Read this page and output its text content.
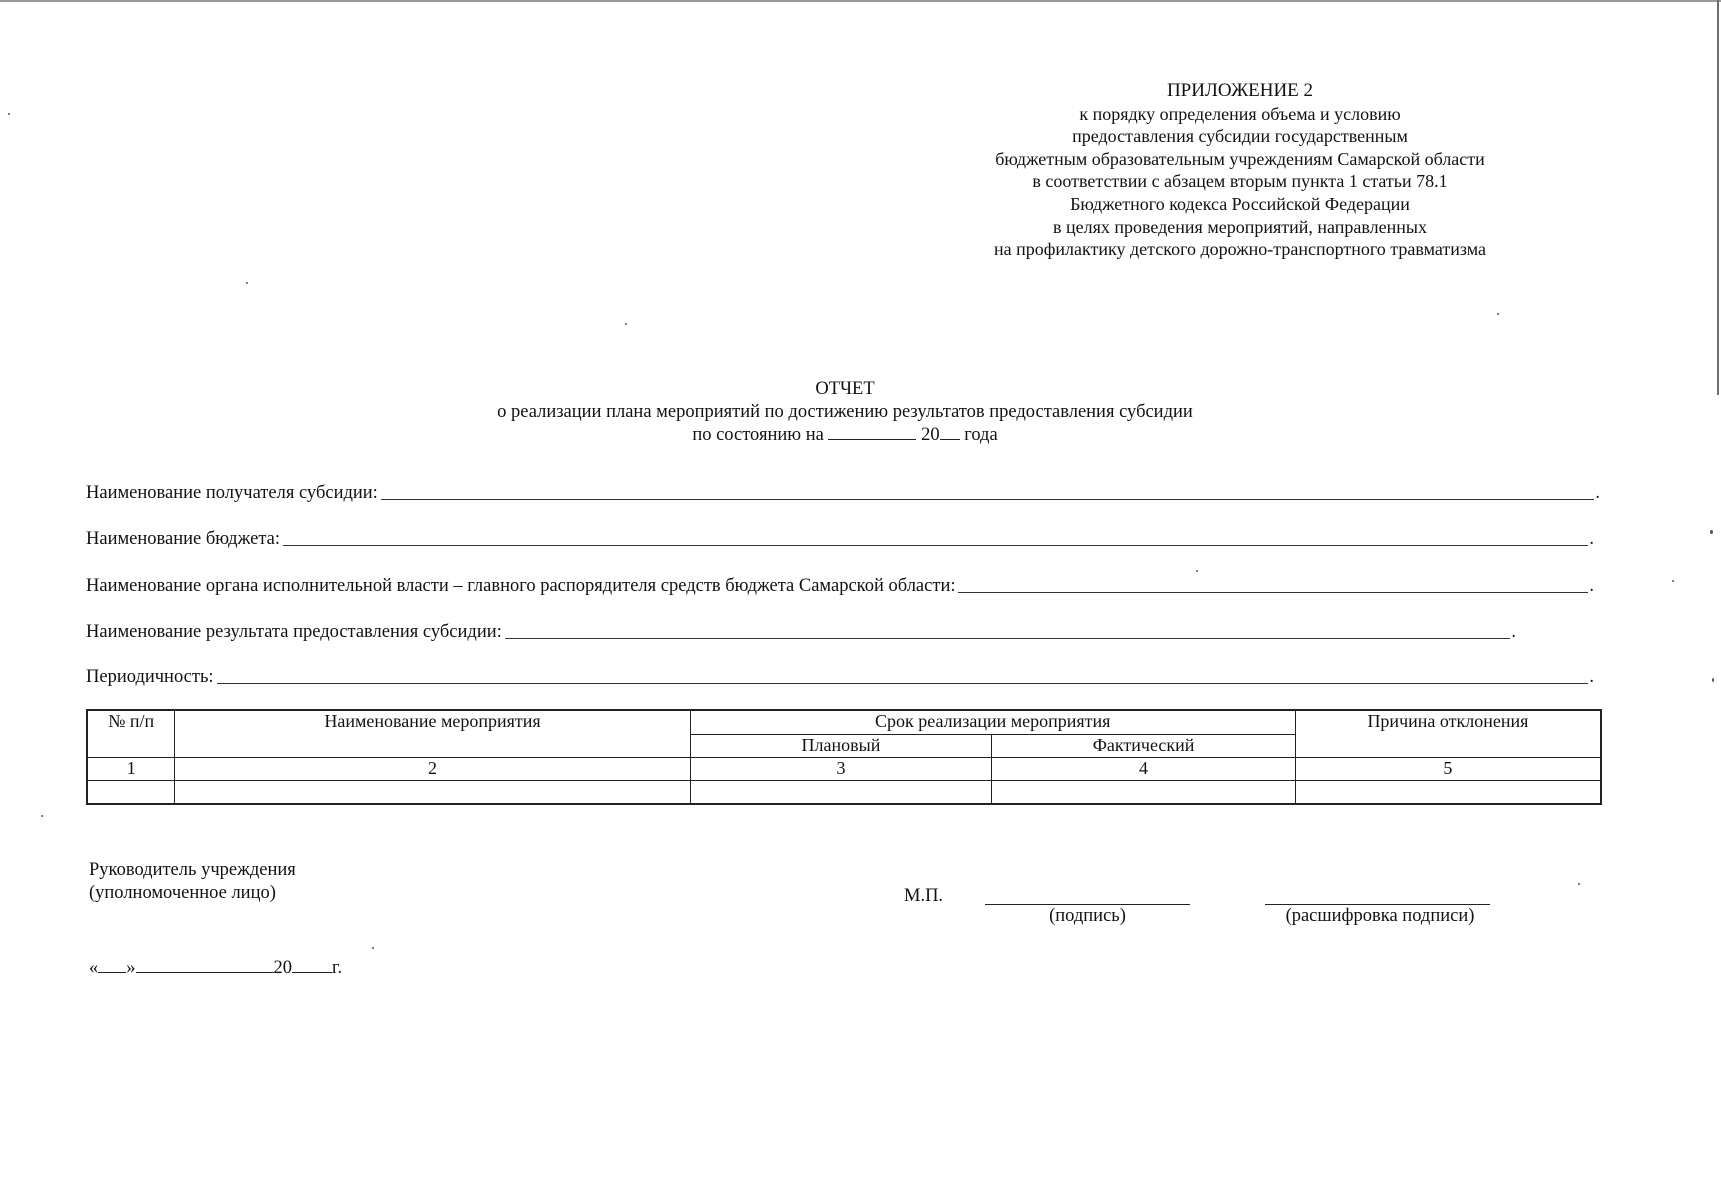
ПРИЛОЖЕНИЕ 2
к порядку определения объема и условию
предоставления субсидии государственным
бюджетным образовательным учреждениям Самарской области
в соответствии с абзацем вторым пункта 1 статьи 78.1
Бюджетного кодекса Российской Федерации
в целях проведения мероприятий, направленных
на профилактику детского дорожно-транспортного травматизма
ОТЧЕТ
о реализации плана мероприятий по достижению результатов предоставления субсидии
по состоянию на	20 года
Наименование получателя субсидии:	.
Наименование бюджета:	.
Наименование органа исполнительной власти – главного распорядителя средств бюджета Самарской области:	.
Наименование результата предоставления субсидии:	.
Периодичность:	.
№ п/п	Наименование мероприятия	Срок реализации мероприятия		Причина отклонения
		Плановый	Фактический	
1	2	3	4	5

Руководитель учреждения
(уполномоченное лицо)	М.П.
(подпись)	(расшифровка подписи)
« »	20 г.
